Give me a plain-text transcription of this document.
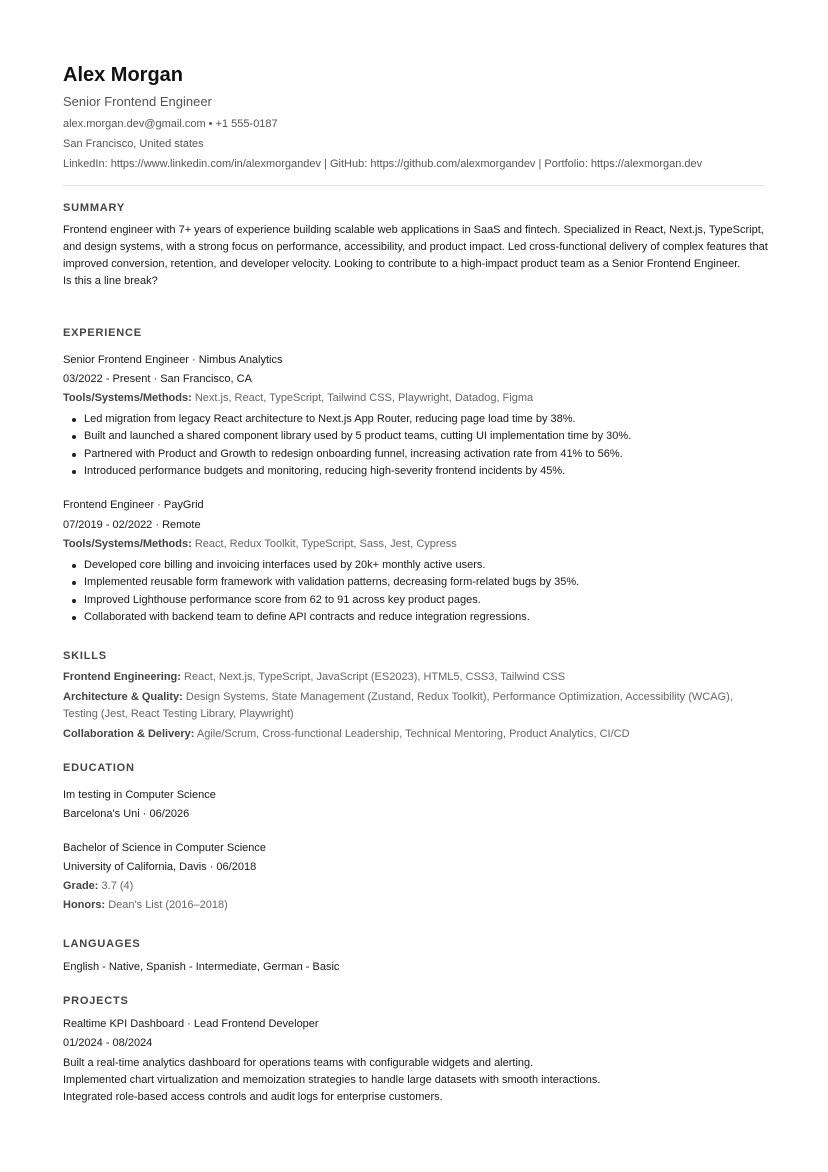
Alex Morgan
Senior Frontend Engineer
alex.morgan.dev@gmail.com • +1 555-0187
San Francisco, United states
LinkedIn: https://www.linkedin.com/in/alexmorgandev | GitHub: https://github.com/alexmorgandev | Portfolio: https://alexmorgan.dev
SUMMARY
Frontend engineer with 7+ years of experience building scalable web applications in SaaS and fintech. Specialized in React, Next.js, TypeScript, and design systems, with a strong focus on performance, accessibility, and product impact. Led cross-functional delivery of complex features that improved conversion, retention, and developer velocity. Looking to contribute to a high-impact product team as a Senior Frontend Engineer.
Is this a line break?
EXPERIENCE
Senior Frontend Engineer · Nimbus Analytics
03/2022 - Present · San Francisco, CA
Tools/Systems/Methods: Next.js, React, TypeScript, Tailwind CSS, Playwright, Datadog, Figma
Led migration from legacy React architecture to Next.js App Router, reducing page load time by 38%.
Built and launched a shared component library used by 5 product teams, cutting UI implementation time by 30%.
Partnered with Product and Growth to redesign onboarding funnel, increasing activation rate from 41% to 56%.
Introduced performance budgets and monitoring, reducing high-severity frontend incidents by 45%.
Frontend Engineer · PayGrid
07/2019 - 02/2022 · Remote
Tools/Systems/Methods: React, Redux Toolkit, TypeScript, Sass, Jest, Cypress
Developed core billing and invoicing interfaces used by 20k+ monthly active users.
Implemented reusable form framework with validation patterns, decreasing form-related bugs by 35%.
Improved Lighthouse performance score from 62 to 91 across key product pages.
Collaborated with backend team to define API contracts and reduce integration regressions.
SKILLS
Frontend Engineering: React, Next.js, TypeScript, JavaScript (ES2023), HTML5, CSS3, Tailwind CSS
Architecture & Quality: Design Systems, State Management (Zustand, Redux Toolkit), Performance Optimization, Accessibility (WCAG),
Testing (Jest, React Testing Library, Playwright)
Collaboration & Delivery: Agile/Scrum, Cross-functional Leadership, Technical Mentoring, Product Analytics, CI/CD
EDUCATION
Im testing in Computer Science
Barcelona's Uni · 06/2026
Bachelor of Science in Computer Science
University of California, Davis · 06/2018
Grade: 3.7 (4)
Honors: Dean's List (2016–2018)
LANGUAGES
English - Native, Spanish - Intermediate, German - Basic
PROJECTS
Realtime KPI Dashboard · Lead Frontend Developer
01/2024 - 08/2024
Built a real-time analytics dashboard for operations teams with configurable widgets and alerting.
Implemented chart virtualization and memoization strategies to handle large datasets with smooth interactions.
Integrated role-based access controls and audit logs for enterprise customers.
